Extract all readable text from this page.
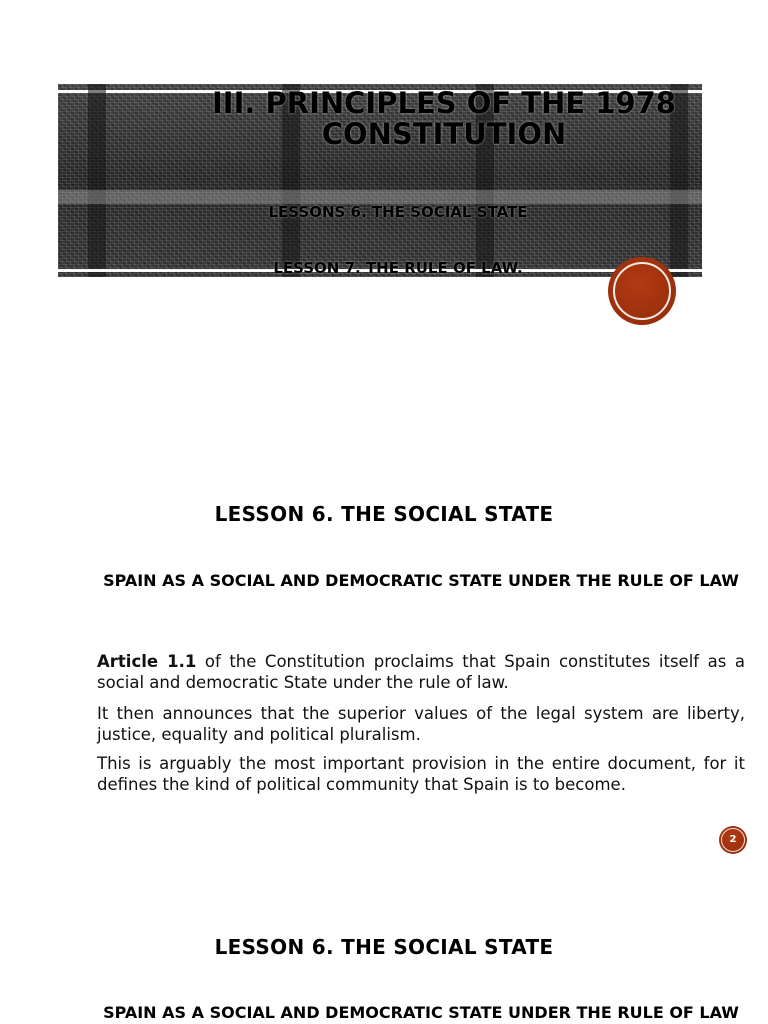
III. PRINCIPLES OF THE 1978 CONSTITUTION
LESSONS 6. THE SOCIAL STATE
LESSON 7. THE RULE OF LAW.
LESSON 6. THE SOCIAL STATE
SPAIN AS A SOCIAL AND DEMOCRATIC STATE UNDER THE RULE OF LAW

Article 1.1 of the Constitution proclaims that Spain constitutes itself as a social and democratic State under the rule of law.

It then announces that the superior values of the legal system are liberty, justice, equality and political pluralism.

This is arguably the most important provision in the entire document, for it defines the kind of political community that Spain is to become.

2
LESSON 6. THE SOCIAL STATE
SPAIN AS A SOCIAL AND DEMOCRATIC STATE UNDER THE RULE OF LAW
